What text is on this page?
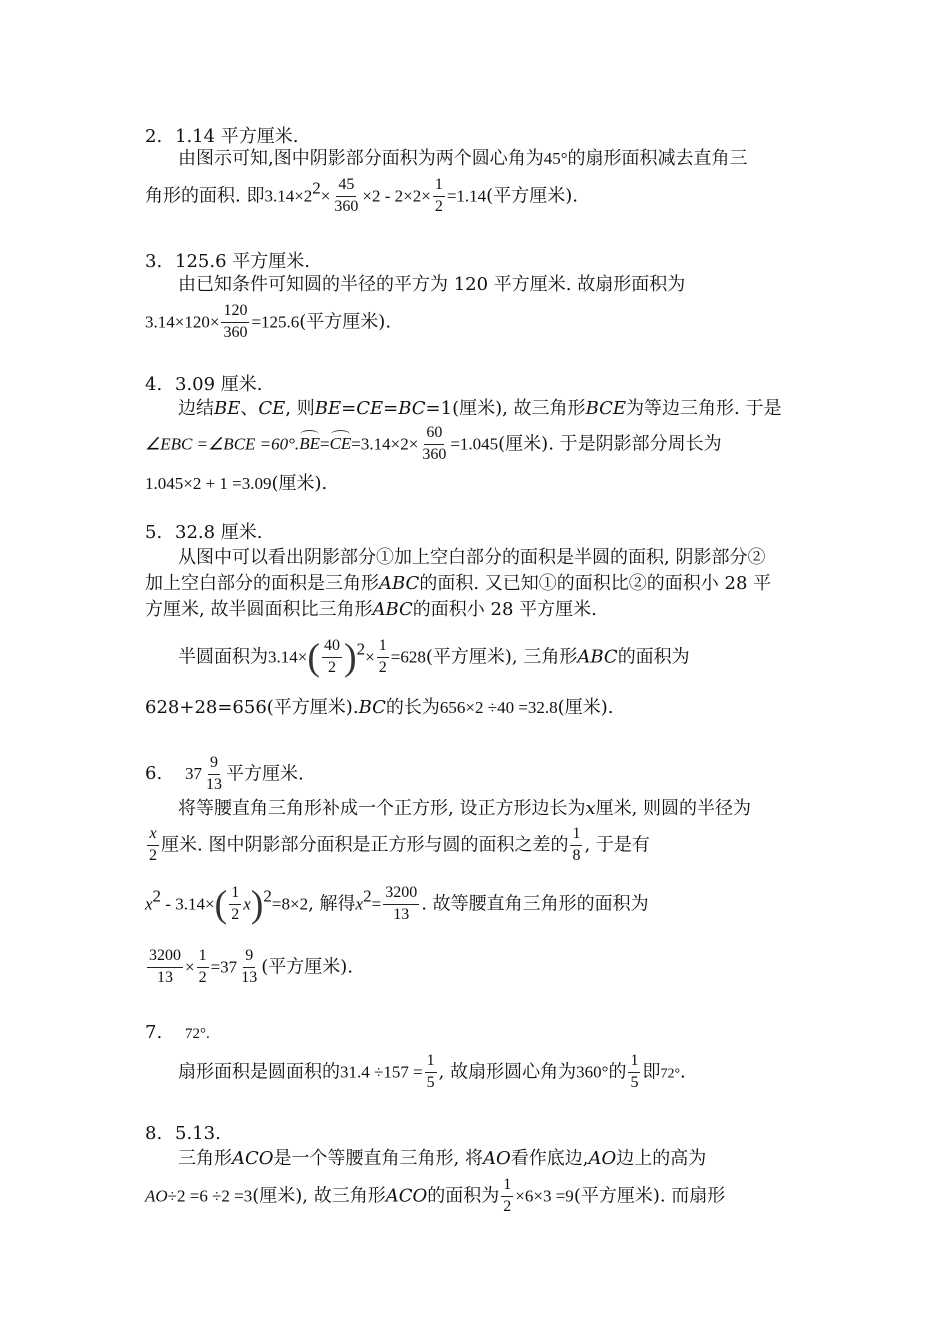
2. 1.14 平方厘米.
由图示可知,图中阴影部分面积为两个圆心角为45°的扇形面积减去直角三
角形的面积. 即$3.14\times 2^2\times \frac{45}{360} \times 2 - 2\times 2\times \frac{1}{2} =1.14$(平方厘米).
3. 125.6 平方厘米.
由已知条件可知圆的半径的平方为 120 平方厘米. 故扇形面积为
$3.14\times 120\times \frac{120}{360} =125.6$(平方厘米).
4. 3.09 厘米.
边结BE、CE, 则BE=CE=BC=1(厘米), 故三角形BCE为等边三角形. 于是
∠EBC =∠BCE $=60^\circ.BE=CE=3.14\times 2\times \frac{60}{360} =1.045$(厘米). 于是阴影部分周长为
1.045×2 + 1 =3.09(厘米).
5. 32.8 厘米.
从图中可以看出阴影部分①加上空白部分的面积是半圆的面积, 阴影部分②
加上空白部分的面积是三角形ABC的面积. 又已知①的面积比②的面积小 28 平
方厘米, 故半圆面积比三角形ABC的面积小 28 平方厘米.
半圆面积为$3.14\times( \frac{40}{2} )^2\times \frac{1}{2} =628$(平方厘米), 三角形ABC的面积为
628+28=656(平方厘米).BC的长为656×2 ÷40 =32.8(厘米).
6. $37 \frac{9}{13}$ 平方厘米.
将等腰直角三角形补成一个正方形, 设正方形边长为x厘米, 则圆的半径为
$\frac{x}{2}$ 厘米. 图中阴影部分面积是正方形与圆的面积之差的 $\frac{1}{8}$ , 于是有
$x^2 - 3.14\times( \frac{1}{2} x)^2=8\times 2$, 解得$x^2= \frac{3200}{13}$ . 故等腰直角三角形的面积为
$\frac{3200}{13} \times \frac{1}{2} =37 \frac{9}{13}$ (平方厘米).
7. 72°.
扇形面积是圆面积的$31.4 \div 157 = \frac{1}{5}$ , 故扇形圆心角为360°的 $\frac{1}{5}$ 即72°.
8. 5.13.
三角形ACO是一个等腰直角三角形, 将AO看作底边,AO边上的高为
AO÷2 =6 ÷2 =3(厘米), 故三角形ACO的面积为 $\frac{1}{2} \times 6\times 3 =9$(平方厘米). 而扇形
